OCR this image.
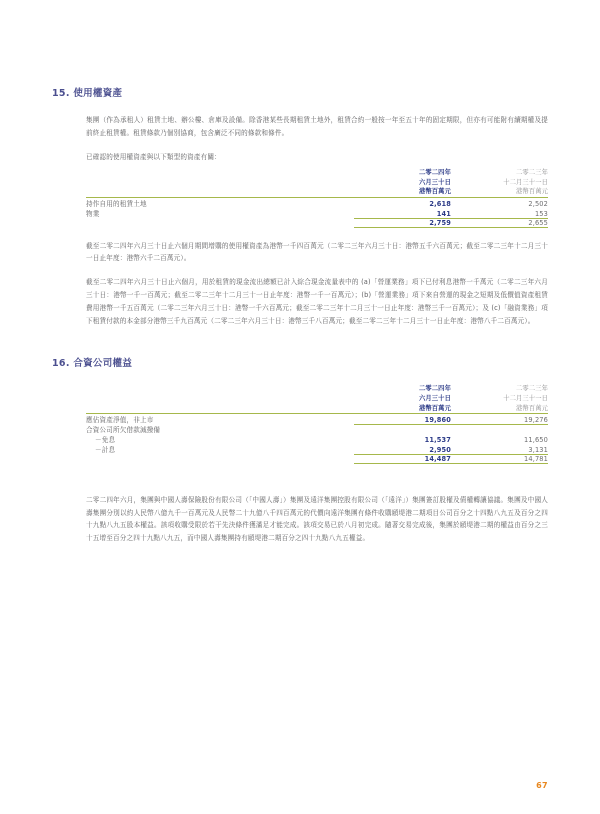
15. 使用權資產

集團（作為承租人）租賃土地、辦公樓、倉庫及設備。除香港某些長期租賃土地外，租賃合約一般按一年至五十年的固定期限，但亦有可能附有續期權及提前終止租賃權。租賃條款乃個別協商，包含廣泛不同的條款和條件。

已確認的使用權資產與以下類型的資產有關：

二零二四年
六月三十日
港幣百萬元

二零二三年
十二月三十一日
港幣百萬元

持作自用的租賃土地	2,618	2,502
物業	141	153
	2,759	2,655

截至二零二四年六月三十日止六個月期間增購的使用權資產為港幣一千四百萬元（二零二三年六月三十日：港幣五千六百萬元；截至二零二三年十二月三十一日止年度：港幣六千二百萬元）。

截至二零二四年六月三十日止六個月，用於租賃的現金流出總額已計入綜合現金流量表中的 (a)「營運業務」項下已付利息港幣一千萬元（二零二三年六月三十日：港幣一千一百萬元；截至二零二三年十二月三十一日止年度：港幣一千一百萬元）；(b)「營運業務」項下來自營運的現金之短期及低價值資產租賃費用港幣一千五百萬元（二零二三年六月三十日：港幣一千六百萬元；截至二零二三年十二月三十一日止年度：港幣三千一百萬元）；及 (c)「融資業務」項下租賃付款的本金部分港幣三千九百萬元（二零二三年六月三十日：港幣三千八百萬元；截至二零二三年十二月三十一日止年度：港幣八千二百萬元）。

16. 合資公司權益

二零二四年
六月三十日
港幣百萬元

二零二三年
十二月三十一日
港幣百萬元

應佔資產淨值，非上市	19,860	19,276
合資公司所欠借款減撥備		
－免息	11,537	11,650
－計息	2,950	3,131
	14,487	14,781

二零二四年六月，集團與中國人壽保險股份有限公司（「中國人壽」）集團及遠洋集團控股有限公司（「遠洋」）集團簽訂股權及債權轉讓協議。集團及中國人壽集團分別以約人民幣八億九千一百萬元及人民幣二十九億八千四百萬元的代價向遠洋集團有條件收購頤堤港二期項目公司百分之十四點八九五及百分之四十九點八九五股本權益。該項收購受限於若干先決條件獲滿足才能完成。該項交易已於八月初完成。隨著交易完成後，集團於頤堤港二期的權益由百分之三十五增至百分之四十九點八九五，而中國人壽集團持有頤堤港二期百分之四十九點八九五權益。

67
